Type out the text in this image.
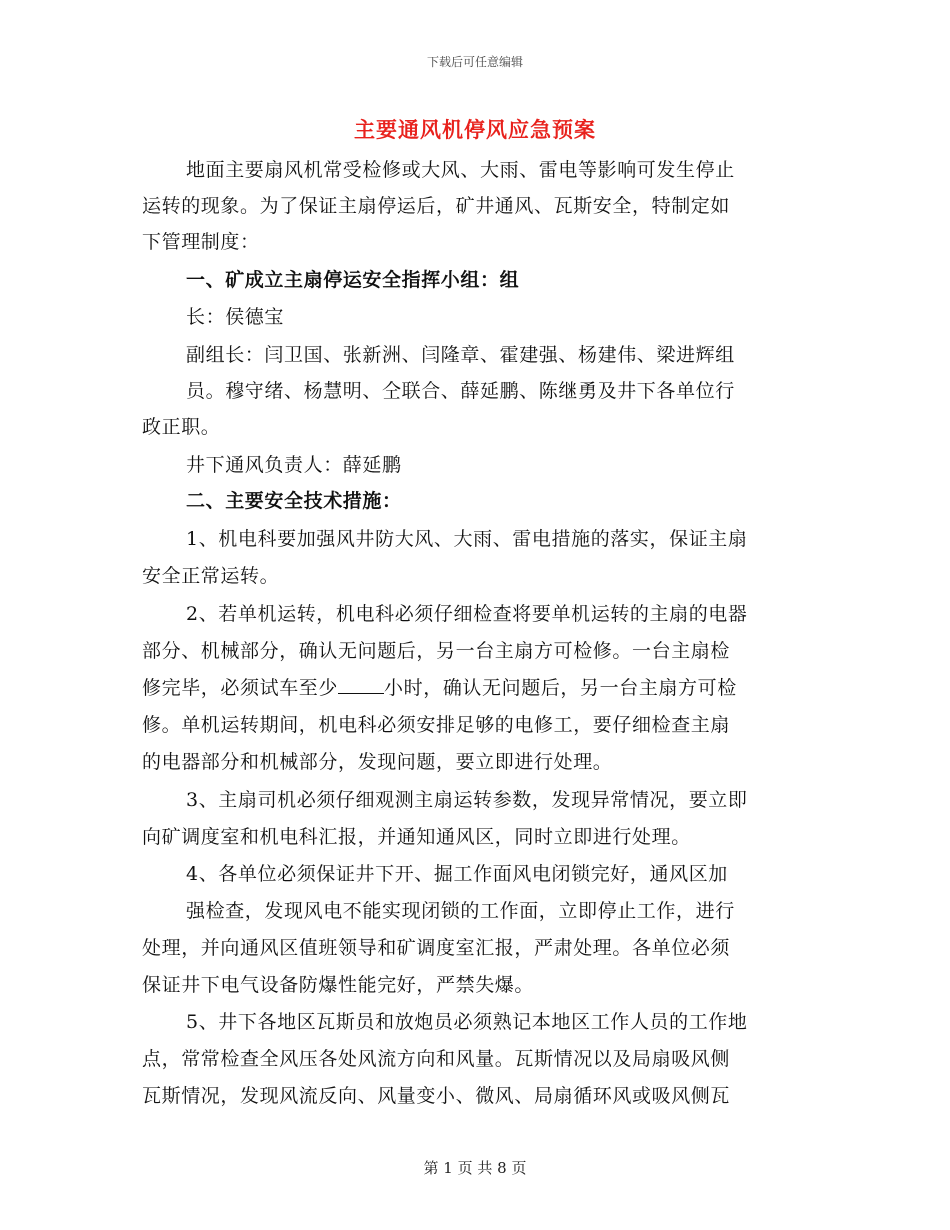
下载后可任意编辑
主要通风机停风应急预案
地面主要扇风机常受检修或大风、大雨、雷电等影响可发生停止
运转的现象。为了保证主扇停运后，矿井通风、瓦斯安全，特制定如
下管理制度：
一、矿成立主扇停运安全指挥小组：组
长：侯德宝
副组长：闫卫国、张新洲、闫隆章、霍建强、杨建伟、梁进辉组
员。穆守绪、杨慧明、仝联合、薛延鹏、陈继勇及井下各单位行
政正职。
井下通风负责人：薛延鹏
二、主要安全技术措施：
1、机电科要加强风井防大风、大雨、雷电措施的落实，保证主扇
安全正常运转。
2、若单机运转，机电科必须仔细检查将要单机运转的主扇的电器
部分、机械部分，确认无问题后，另一台主扇方可检修。一台主扇检
修完毕，必须试车至少 小时，确认无问题后，另一台主扇方可检
修。单机运转期间，机电科必须安排足够的电修工，要仔细检查主扇
的电器部分和机械部分，发现问题，要立即进行处理。
3、主扇司机必须仔细观测主扇运转参数，发现异常情况，要立即
向矿调度室和机电科汇报，并通知通风区，同时立即进行处理。
4、各单位必须保证井下开、掘工作面风电闭锁完好，通风区加
强检查，发现风电不能实现闭锁的工作面，立即停止工作，进行
处理，并向通风区值班领导和矿调度室汇报，严肃处理。各单位必须
保证井下电气设备防爆性能完好，严禁失爆。
5、井下各地区瓦斯员和放炮员必须熟记本地区工作人员的工作地
点，常常检查全风压各处风流方向和风量。瓦斯情况以及局扇吸风侧
瓦斯情况，发现风流反向、风量变小、微风、局扇循环风或吸风侧瓦
第 1 页 共 8 页
